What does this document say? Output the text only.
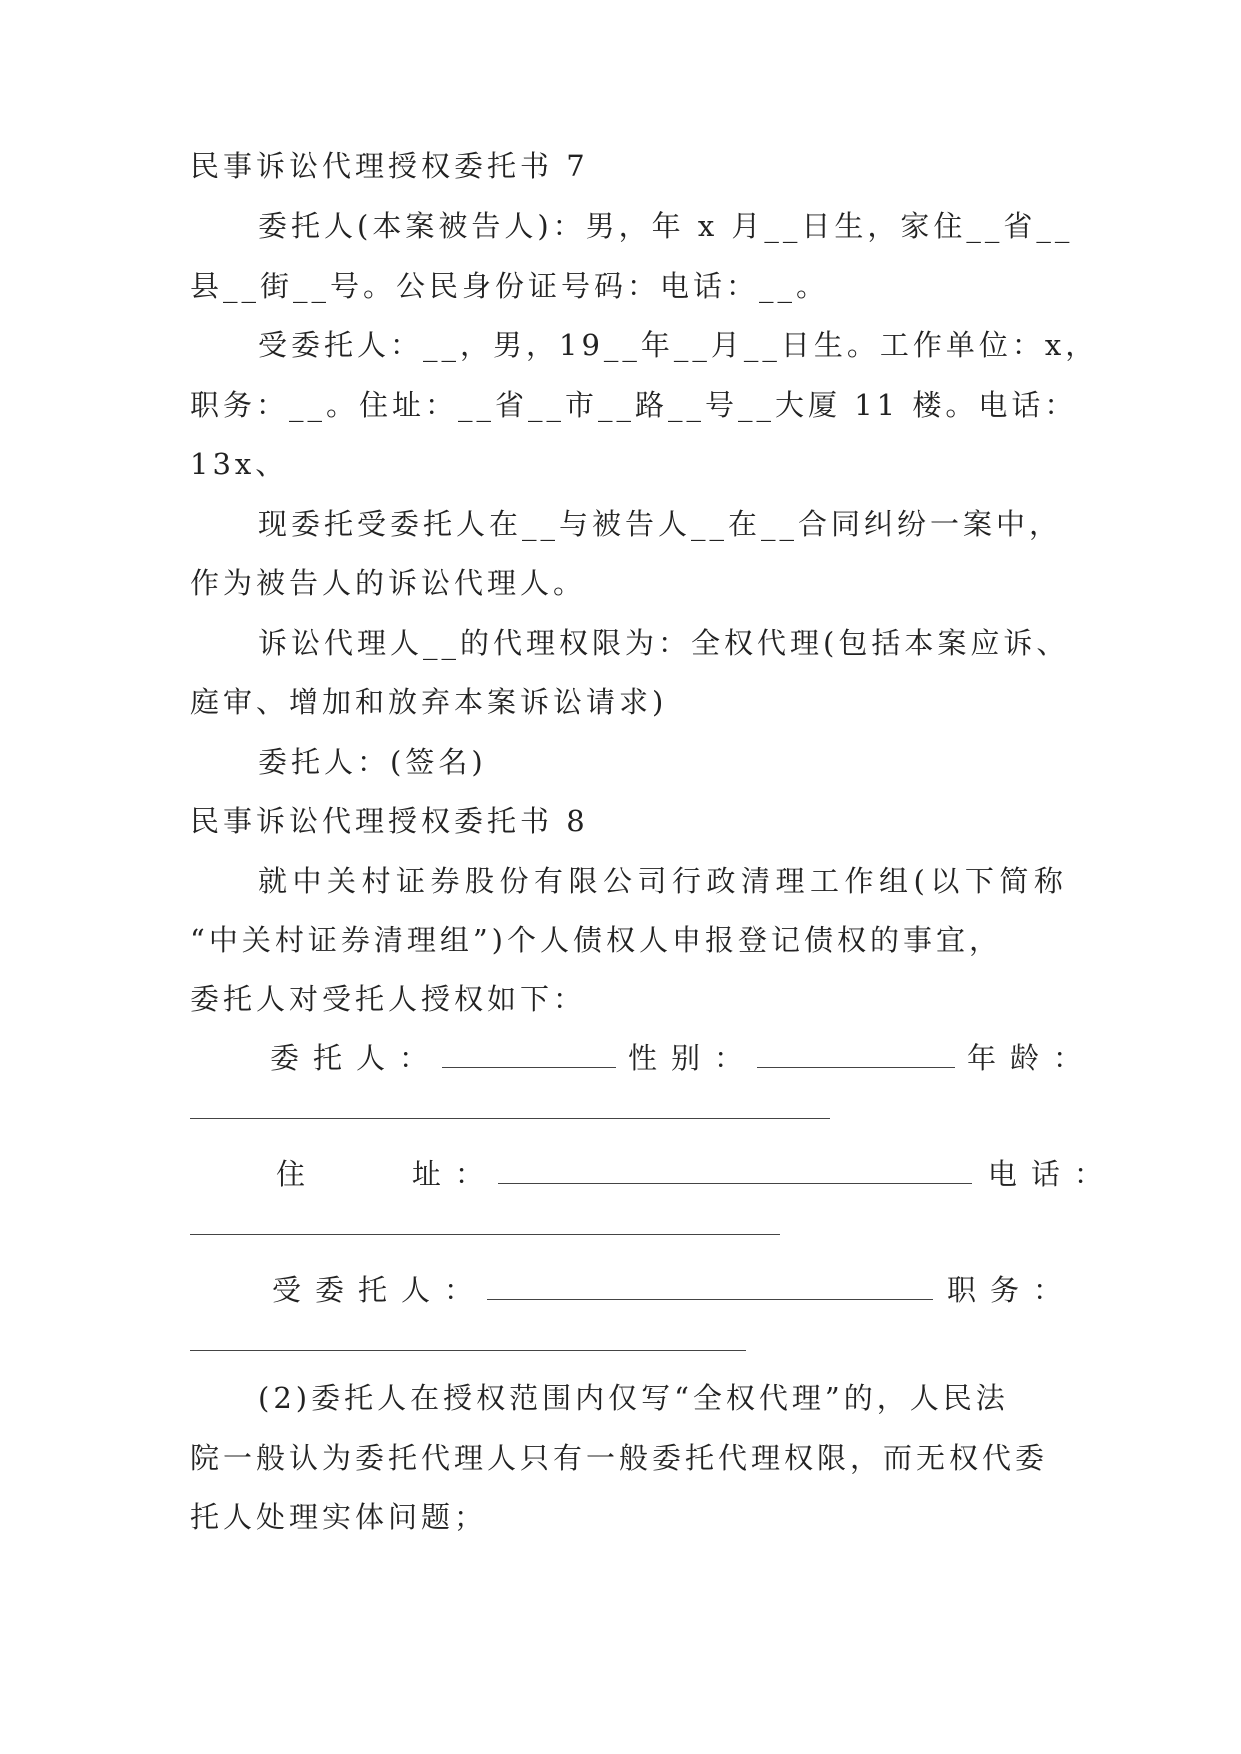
民事诉讼代理授权委托书 7
委托人(本案被告人)：男，年 x 月__日生，家住__省__
县__街__号。公民身份证号码：电话：__。
受委托人：__，男，19__年__月__日生。工作单位：x，
职务：__。住址：__省__市__路__号__大厦 11 楼。电话：
13x、
现委托受委托人在__与被告人__在__合同纠纷一案中，
作为被告人的诉讼代理人。
诉讼代理人__的代理权限为：全权代理(包括本案应诉、
庭审、增加和放弃本案诉讼请求)
委托人：(签名)
民事诉讼代理授权委托书 8
就中关村证券股份有限公司行政清理工作组(以下简称
“中关村证券清理组”)个人债权人申报登记债权的事宜，
委托人对受托人授权如下：
委托人：	性别：	年龄：
住    址：	电话：
受委托人：	职务：
(2)委托人在授权范围内仅写“全权代理”的，人民法
院一般认为委托代理人只有一般委托代理权限，而无权代委
托人处理实体问题；
